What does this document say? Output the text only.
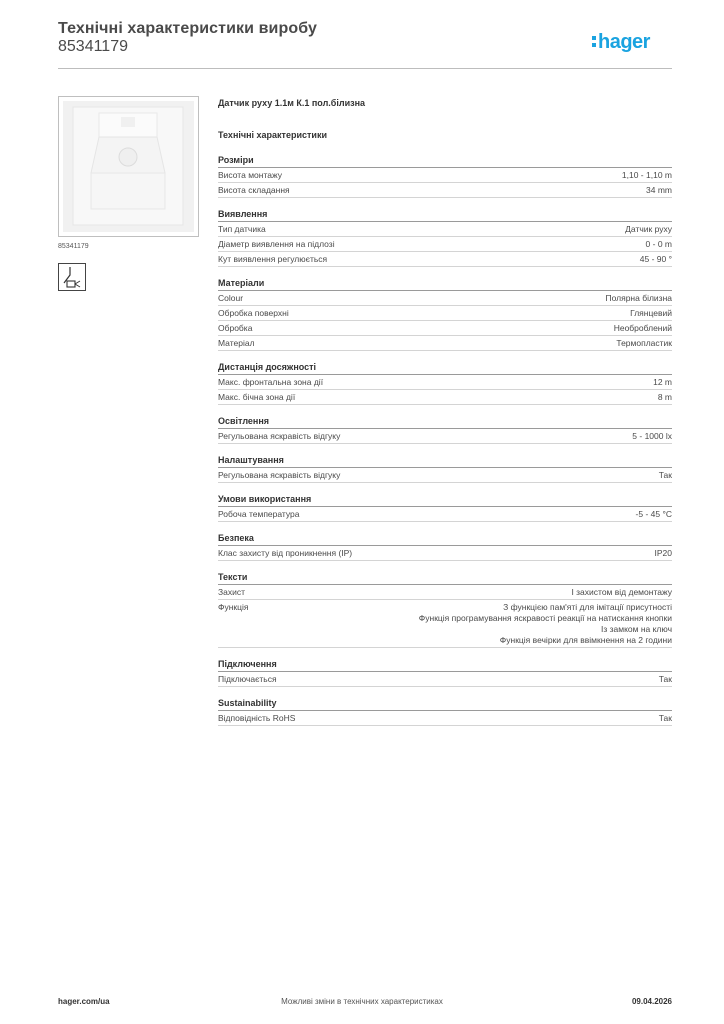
Технічні характеристики виробу
85341179	hager
85341179
Датчик руху 1.1м К.1 пол.білизна
Технічні характеристики
Розміри
Висота монтажу	1,10 - 1,10 m
Висота складання	34 mm
Виявлення
Тип датчика	Датчик руху
Діаметр виявлення на підлозі	0 - 0 m
Кут виявлення регулюється	45 - 90 °
Матеріали
Colour	Полярна білизна
Обробка поверхні	Глянцевий
Обробка	Необроблений
Матеріал	Термопластик
Дистанція досяжності
Макс. фронтальна зона дії	12 m
Макс. бічна зона дії	8 m
Освітлення
Регульована яскравість відгуку	5 - 1000 lx
Налаштування
Регульована яскравість відгуку	Так
Умови використання
Робоча температура	-5 - 45 °C
Безпека
Клас захисту від проникнення (IP)	IP20
Тексти
Захист	І захистом від демонтажу
Функція	З функцією пам'яті для імітації присутності
Функція програмування яскравості реакції на натискання кнопки
Із замком на ключ
Функція вечірки для ввімкнення на 2 години
Підключення
Підключається	Так
Sustainability
Відповідність RoHS	Так
hager.com/ua	Можливі зміни в технічних характеристиках	09.04.2026
